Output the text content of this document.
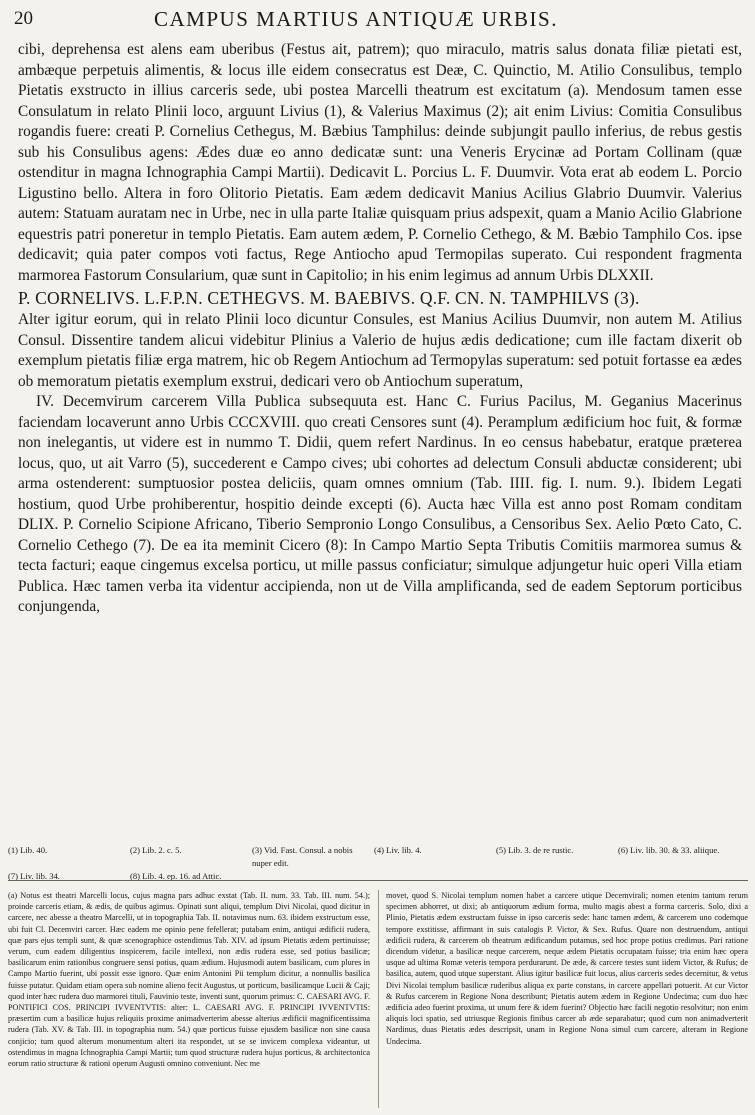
20	CAMPUS MARTIUS ANTIQUÆ URBIS.

cibi, deprehensa est alens eam uberibus (Festus ait, patrem); quo miraculo, matris salus donata filiæ pietati est, ambæque perpetuis alimentis, & locus ille eidem consecratus est Deæ, C. Quinctio, M. Atilio Consulibus, templo Pietatis exstructo in illius carceris sede, ubi postea Marcelli theatrum est excitatum (a). Mendosum tamen esse Consulatum in relato Plinii loco, arguunt Livius (1), & Valerius Maximus (2); ait enim Livius: Comitia Consulibus rogandis fuere: creati P. Cornelius Cethegus, M. Bæbius Tamphilus: deinde subjungit paullo inferius, de rebus gestis sub his Consulibus agens: Ædes duæ eo anno dedicatæ sunt: una Veneris Erycinæ ad Portam Collinam (quæ ostenditur in magna Ichnographia Campi Martii). Dedicavit L. Porcius L. F. Duumvir. Vota erat ab eodem L. Porcio Ligustino bello. Altera in foro Olitorio Pietatis. Eam ædem dedicavit Manius Acilius Glabrio Duumvir. Valerius autem: Statuam auratam nec in Urbe, nec in ulla parte Italiæ quisquam prius adspexit, quam a Manio Acilio Glabrione equestris patri poneretur in templo Pietatis. Eam autem ædem, P. Cornelio Cethego, & M. Bæbio Tamphilo Cos. ipse dedicavit; quia pater compos voti factus, Rege Antiocho apud Termopilas superato. Cui respondent fragmenta marmorea Fastorum Consularium, quæ sunt in Capitolio; in his enim legimus ad annum Urbis DLXXII.

P. CORNELIVS. L.F.P.N. CETHEGVS. M. BAEBIVS. Q.F. CN. N. TAMPHILVS (3).

Alter igitur eorum, qui in relato Plinii loco dicuntur Consules, est Manius Acilius Duumvir, non autem M. Atilius Consul. Dissentire tandem alicui videbitur Plinius a Valerio de hujus ædis dedicatione; cum ille factam dixerit ob exemplum pietatis filiæ erga matrem, hic ob Regem Antiochum ad Termopylas superatum: sed potuit fortasse ea ædes ob memoratum pietatis exemplum exstrui, dedicari vero ob Antiochum superatum,

IV. Decemvirum carcerem Villa Publica subsequuta est. Hanc C. Furius Pacilus, M. Geganius Macerinus faciendam locaverunt anno Urbis CCCXVIII. quo creati Censores sunt (4). Peramplum ædificium hoc fuit, & formæ non inelegantis, ut videre est in nummo T. Didii, quem refert Nardinus. In eo census habebatur, eratque præterea locus, quo, ut ait Varro (5), succederent e Campo cives; ubi cohortes ad delectum Consuli abductæ considerent; ubi arma ostenderent: sumptuosior postea deliciis, quam omnes omnium (Tab. IIII. fig. I. num. 9.). Ibidem Legati hostium, quod Urbe prohiberentur, hospitio deinde excepti (6). Aucta hæc Villa est anno post Romam conditam DLIX. P. Cornelio Scipione Africano, Tiberio Sempronio Longo Consulibus, a Censoribus Sex. Aelio Pœto Cato, C. Cornelio Cethego (7). De ea ita meminit Cicero (8): In Campo Martio Septa Tributis Comitiis marmorea sumus & tecta facturi; eaque cingemus excelsa porticu, ut mille passus conficiatur; simulque adjungetur huic operi Villa etiam Publica. Hæc tamen verba ita videntur accipienda, non ut de Villa amplificanda, sed de eadem Septorum porticibus conjungenda,

(1) Lib. 40.	(2) Lib. 2. c. 5.	(3) Vid. Fast. Consul. a nobis nuper edit.(4) Liv. lib. 4.	(5) Lib. 3. de re rustic.	(6) Liv. lib. 30. & 33. aliique.
(7) Liv. lib. 34.	(8) Lib. 4. ep. 16. ad Attic.
(a) Notus est theatri Marcelli locus, cujus magna pars adhuc exstat (Tab. II. num. 33. Tab. III. num. 54.); proinde carceris etiam, & ædis, de quibus agimus. Opinati sunt aliqui, templum Divi Nicolai, quod dicitur in carcere, nec abesse a theatro Marcelli, ut in topographia Tab. II. notavimus num. 63. ibidem exstructum esse, ubi fuit Cl. Decemviri carcer. Hæc eadem me opinio pene fefellerat; putabam enim, antiqui ædificii rudera, quæ pars ejus templi sunt, & quæ scenographice ostendimus Tab. XIV. ad ipsum Pietatis ædem pertinuisse; verum, cum eadem diligentius inspicerem, facile intellexi, non ædis rudera esse, sed potius basilicæ; basilicarum enim rationibus congruere sensi potius, quam ædium. Hujusmodi autem basilicam, cum plures in Campo Martio fuerint, ubi possit esse ignoro. Quæ enim Antonini Pii templum dicitur, a nonnullis basilica fuisse putatur. Quidam etiam opera sub nomine alieno fecit Augustus, ut porticum, basilicamque Lucii & Caji; quod inter hæc rudera duo marmorei tituli, Fauvinio teste, inventi sunt, quorum primus: C. CAESARI AVG. F. PONTIFICI COS. PRINCIPI IVVENTVTIS: alter: L. CAESARI AVG. F. PRINCIPI IVVENTVTIS: præsertim cum a basilicæ hujus reliquiis proxime animadverterim abesse alterius ædificii magnificentissima rudera (Tab. XV. & Tab. III. in topographia num. 54.) quæ porticus fuisse ejusdem basilicæ non sine causa conjicio; tum quod alterum monumentum alteri ita respondet, ut se se invicem complexa videantur, ut ostendimus in magna Ichnographia Campi Martii; tum quod structuræ rudera hujus porticus, & architectonica eorum ratio structuræ & rationi operum Augusti omnino conveniunt. Nec me
movet, quod S. Nicolai templum nomen habet a carcere utique Decemvirali; nomen etenim tantum rerum specimen abhorret, ut dixi; ab antiquorum ædium forma, multo magis abest a forma carceris. Solo, dixi a Plinio, Pietatis ædem exstructam fuisse in ipso carceris sede: hanc tamen ædem, & carcerem uno codemque tempore exstitisse, affirmant in suis catalogis P. Victor, & Sex. Rufus. Quare non destruendum, antiqui ædificii rudera, & carcerem ob theatrum ædificandum putamus, sed hoc prope potius credimus. Pari ratione dicendum videtur, a basilicæ neque carcerem, neque ædem Pietatis occupatam fuisse; tria enim hæc opera usque ad ultima Romæ veteris tempora perdurarunt. De æde, & carcere testes sunt iidem Victor, & Rufus; de basilica, autem, quod utque superstant. Alius igitur basilicæ fuit locus, alius carceris sedes decernitur, & vetus Divi Nicolai templum basilicæ ruderibus aliqua ex parte constans, in carcere appellari potuerit. At cur Victor & Rufus carcerem in Regione Nona describunt; Pietatis autem ædem in Regione Undecima; cum duo hæc ædificia adeo fuerint proxima, ut unum fere & idem fuerint? Objectio hæc facili negotio resolvitur; non enim aliquis loci spatio, sed utriusque Regionis finibus carcer ab æde separabatur; quod cum non animadverterit Nardinus, duas Pietatis ædes descripsit, unam in Regione Nona simul cum carcere, alteram in Regione Undecima.
